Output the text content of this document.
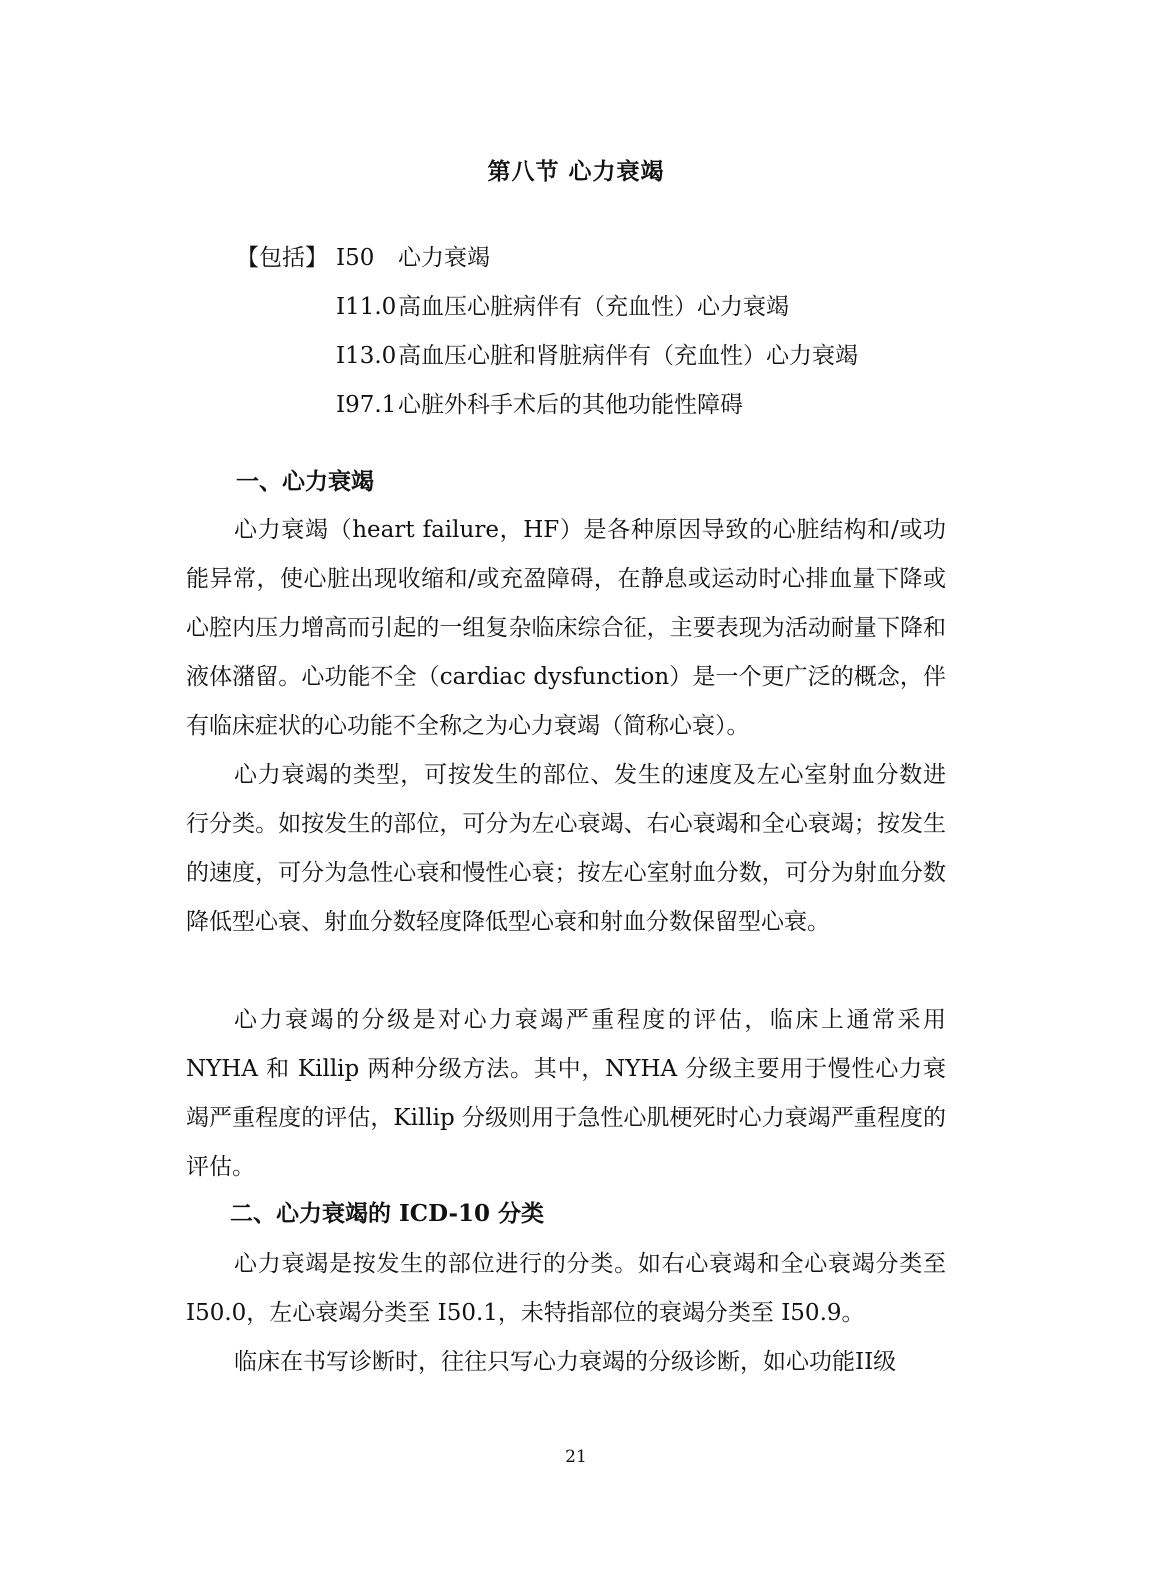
第八节 心力衰竭
【包括】 I50 心力衰竭
I11.0高血压心脏病伴有（充血性）心力衰竭
I13.0高血压心脏和肾脏病伴有（充血性）心力衰竭
I97.1心脏外科手术后的其他功能性障碍
一、心力衰竭

心力衰竭（heart failure，HF）是各种原因导致的心脏结构和/或功能异常，使心脏出现收缩和/或充盈障碍，在静息或运动时心排血量下降或心腔内压力增高而引起的一组复杂临床综合征，主要表现为活动耐量下降和液体潴留。心功能不全（cardiac dysfunction）是一个更广泛的概念，伴有临床症状的心功能不全称之为心力衰竭（简称心衰）。

心力衰竭的类型，可按发生的部位、发生的速度及左心室射血分数进行分类。如按发生的部位，可分为左心衰竭、右心衰竭和全心衰竭；按发生的速度，可分为急性心衰和慢性心衰；按左心室射血分数，可分为射血分数降低型心衰、射血分数轻度降低型心衰和射血分数保留型心衰。

心力衰竭的分级是对心力衰竭严重程度的评估，临床上通常采用NYHA 和 Killip 两种分级方法。其中，NYHA 分级主要用于慢性心力衰竭严重程度的评估，Killip 分级则用于急性心肌梗死时心力衰竭严重程度的评估。

二、心力衰竭的 ICD-10 分类

心力衰竭是按发生的部位进行的分类。如右心衰竭和全心衰竭分类至 I50.0，左心衰竭分类至 I50.1，未特指部位的衰竭分类至 I50.9。

临床在书写诊断时，往往只写心力衰竭的分级诊断，如心功能II级

21
